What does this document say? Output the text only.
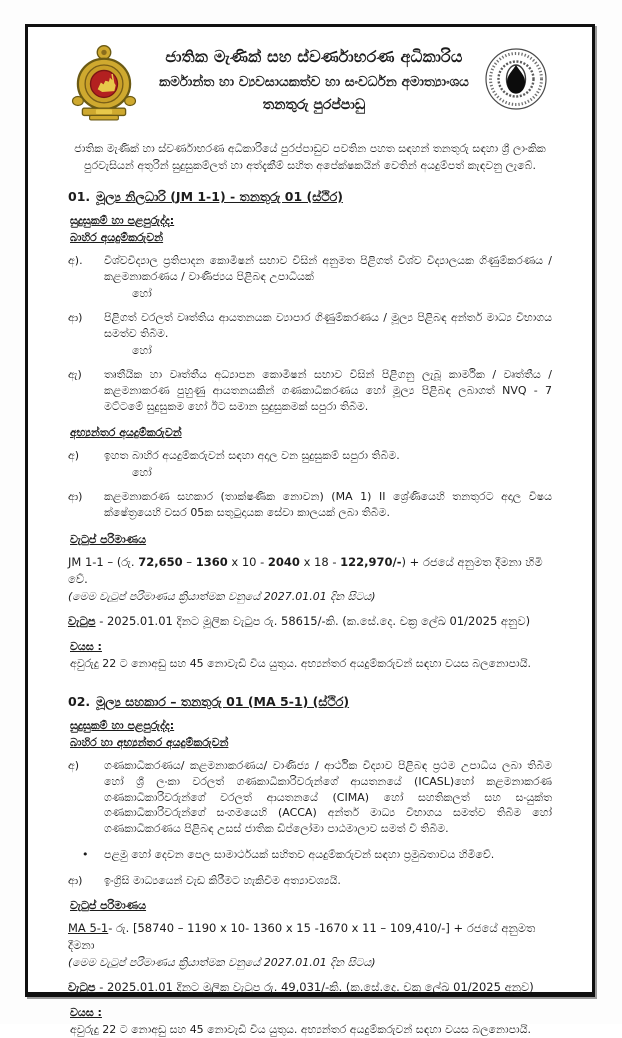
ජාතික මැණික් සහ ස්වර්ණාභරණ අධිකාරිය
කර්මාන්ත හා ව්‍යවසායකත්ව හා සංවර්ධන අමාත්‍යාංශය
තනතුරු පුරප්පාඩු

ජාතික මැණික් හා ස්වර්ණාභරණ අධිකාරියේ පුරප්පාඩුව පවතින පහත සඳහන් තනතුරු සඳහා ශ්‍රී ලාංකික පුරවැසියන් අතුරින් සුදුසුකම්ලත් හා අත්දැකීම් සහිත අපේක්ෂකයින් වෙතින් අයදුම්පත් කැඳවනු ලැබේ.

01. මූල්‍ය නිලධාරි (JM 1-1) - තනතුරු 01 (ස්ථිර)
සුදුසුකම් හා පළපුරුද්ද:
බාහිර අයදුම්කරුවන්
අ).	විශ්වවිද්‍යාල ප්‍රතිපාදන කොමිෂන් සභාව විසින් අනුමත පිළිගත් විශ්ව විද්‍යාලයක ගිණුම්කරණය / කළමනාකරණය / වාණිජ්‍යය පිළිබඳ උපාධියක්

හෝ
ආ)	පිළිගත් වරලත් වෘත්තිය ආයතනයක ව්‍යාපාර ගිණුම්කරණය / මූල්‍ය පිළිබඳ අන්තර් මාධ්‍ය විභාගය සමත්ව තිබීම.

හෝ
ඇ)	තෘතීයික හා වෘත්තීය අධ්‍යාපන කොමිෂන් සභාව විසින් පිළිගනු ලැබූ කාර්මික / වෘත්තීය / කළමනාකරණ පුහුණු ආයතනයකින් ගණකාධිකරණය හෝ මූල්‍ය පිළිබඳ ලබාගත් NVQ - 7 මට්ටමේ සුදුසුකම හෝ ඊට සමාන සුදුසුකමක් සපුරා තිබීම.

අභ්‍යන්තර අයදුම්කරුවන්
අ)	ඉහත බාහිර අයදුම්කරුවන් සඳහා අදාල වන සුදුසුකම් සපුරා තිබීම.

හෝ
ආ)	කළමනාකරණ සහකාර (තාක්ෂණික නොවන) (MA 1) II ශ්‍රේණියෙහි තනතුරට අදාල විෂය ක්ෂේත්‍රයෙහි වසර 05ක සතුටුදායක සේවා කාලයක් ලබා තිබීම.

වැටුප් පරිමාණය

JM 1-1 – (රු. 72,650 – 1360 x 10 - 2040 x 18 - 122,970/-) + රජයේ අනුමත දීමනා හිමි වේ.

(මෙම වැටුප් පරිමාණය ක්‍රියාත්මක වනුයේ 2027.01.01 දින සිටය)

වැටුප - 2025.01.01 දිනට මූලික වැටුප රු. 58615/-කි. (ක.සේ.දෙ. චක්‍ර ලේඛ 01/2025 අනුව)

වයස :

අවුරුදු 22 ට නොඅඩු සහ 45 නොවැඩි විය යුතුය. අභ්‍යන්තර අයදුම්කරුවන් සඳහා වයස බලනොපායි.

02. මූල්‍ය සහකාර – තනතුරු 01 (MA 5-1) (ස්ථිර)
සුදුසුකම් හා පළපුරුද්ද:
බාහිර හා අභ්‍යන්තර අයදුම්කරුවන්
අ)	ගණකාධිකරණය/ කළමනාකරණය/ වාණිජ්‍ය / ආර්ථික විද්‍යාව පිළිබඳ ප්‍රථම උපාධිය ලබා තිබීම හෝ ශ්‍රී ලංකා වරලත් ගණකාධිකාරිවරුන්ගේ ආයතනයේ (ICASL)හෝ කළමනාකරණ ගණකාධිකාරිවරුන්ගේ වරලත් ආයතනයේ (CIMA) හෝ සහතිකලත් සහ සංයුක්ත ගණකාධිකාරිවරුන්ගේ සංගමයෙහි (ACCA) අන්තර් මාධ්‍ය විභාගය සමත්ව තිබීම හෝ ගණකාධිකරණය පිළිබඳ උසස් ජාතික ඩිප්ලෝමා පාඨමාලාව සමත් වී තිබීම.

•	පළමු හෝ දෙවන පෙල සාමාර්ථයක් සහිතව අයදුම්කරුවන් සඳහා ප්‍රමුඛතාවය හිමිවේ.

ආ)	ඉංග්‍රිසි මාධ්‍යයෙන් වැඩ කිරීමට හැකිවීම අත්‍යාවශ්‍යයි.

වැටුප් පරිමාණය

MA 5-1- රු. [58740 – 1190 x 10- 1360 x 15 -1670 x 11 – 109,410/-] + රජයේ අනුමත දීමනා

(මෙම වැටුප් පරිමාණය ක්‍රියාත්මක වනුයේ 2027.01.01 දින සිටය)

වැටුප - 2025.01.01 දිනට මූලික වැටුප රු. 49,031/-කි. (ක.සේ.දෙ. චක්‍ර ලේඛ 01/2025 අනුව)

වයස :

අවුරුදු 22 ට නොඅඩු සහ 45 නොවැඩි විය යුතුය. අභ්‍යන්තර අයදුම්කරුවන් සඳහා වයස බලනොපායි.
